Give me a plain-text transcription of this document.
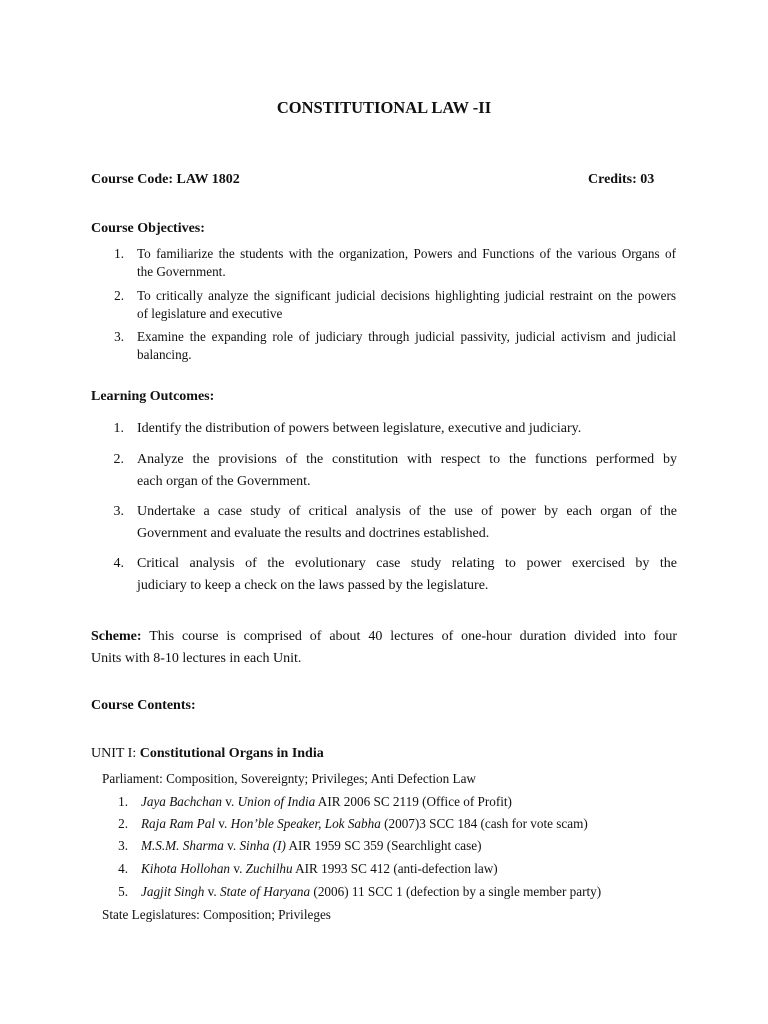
CONSTITUTIONAL LAW -II
Course Code: LAW 1802	Credits: 03
Course Objectives:
1. To familiarize the students with the organization, Powers and Functions of the various Organs of
the Government.
2. To critically analyze the significant judicial decisions highlighting judicial restraint on the powers
of legislature and executive
3. Examine the expanding role of judiciary through judicial passivity, judicial activism and judicial
balancing.
Learning Outcomes:
1. Identify the distribution of powers between legislature, executive and judiciary.
2. Analyze the provisions of the constitution with respect to the functions performed by
each organ of the Government.
3. Undertake a case study of critical analysis of the use of power by each organ of the
Government and evaluate the results and doctrines established.
4. Critical analysis of the evolutionary case study relating to power exercised by the
judiciary to keep a check on the laws passed by the legislature.
Scheme: This course is comprised of about 40 lectures of one-hour duration divided into four
Units with 8-10 lectures in each Unit.
Course Contents:
UNIT I: Constitutional Organs in India
Parliament: Composition, Sovereignty; Privileges; Anti Defection Law
1. Jaya Bachchan v. Union of India AIR 2006 SC 2119 (Office of Profit)
2. Raja Ram Pal v. Hon’ble Speaker, Lok Sabha (2007)3 SCC 184 (cash for vote scam)
3. M.S.M. Sharma v. Sinha (I) AIR 1959 SC 359 (Searchlight case)
4. Kihota Hollohan v. Zuchilhu AIR 1993 SC 412 (anti-defection law)
5. Jagjit Singh v. State of Haryana (2006) 11 SCC 1 (defection by a single member party)
State Legislatures: Composition; Privileges
